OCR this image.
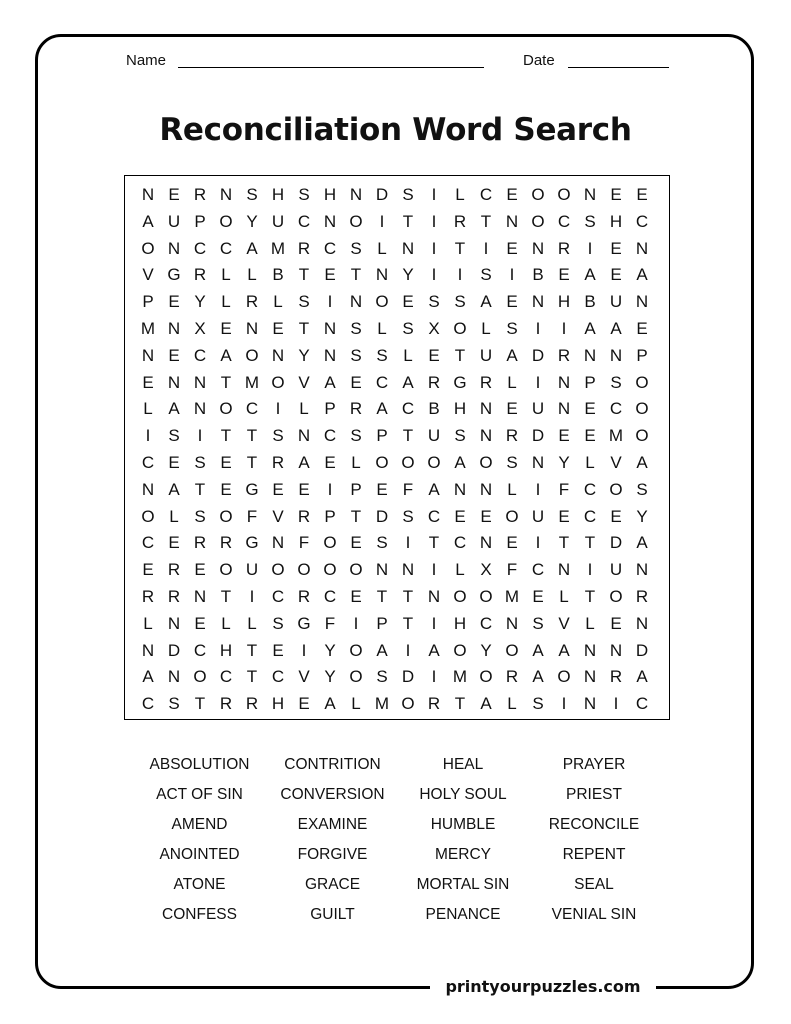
Name	Date
Reconciliation Word Search
N E R N S H S H N D S	I	L C E O O N E E
A U P O Y U C N O	I	T	I	R T N O C S H C
O N C C A M R C S L N	I	T	I	E N R	I	E N
V G R L L B T E T N Y	I	I	S	I	B E A E A
P E Y L R L S	I	N O E S S A E N H B U N
M N X E N E T N S L S X O L S	I	I	A A E
N E C A O N Y N S S L E T U A D R N N P
E N N T M O V A E C A R G R L	I	N P S O
L A N O C	I	L P R A C B H N E U N E C O
I	S	I	T T S N C S P T U S N R D E E M O
C E S E T R A E L O O O A O S N Y L V A
N A T E G E E	I	P E F A N N L	I	F C O S
O L S O F V R P T D S C E E O U E C E Y
C E R R G N F O E S	I	T C N E	I	T T D A
E R E O U O O O O N N	I	L X F C N	I	U N
R R N T	I	C R C E T T N O O M E L T O R
L N E L L S G F	I	P T	I	H C N S V L E N
N D C H T E	I	Y O A	I	A O Y O A A N N D
A N O C T C V Y O S D	I M O R A O N R A
C S T R R H E A L M O R T A L S	I	N	I	C
ABSOLUTION	CONTRITION	HEAL	PRAYER
ACT OF SIN	CONVERSION	HOLY SOUL	PRIEST
AMEND	EXAMINE	HUMBLE	RECONCILE
ANOINTED	FORGIVE	MERCY	REPENT
ATONE	GRACE	MORTAL SIN	SEAL
CONFESS	GUILT	PENANCE	VENIAL SIN
printyourpuzzles.com
